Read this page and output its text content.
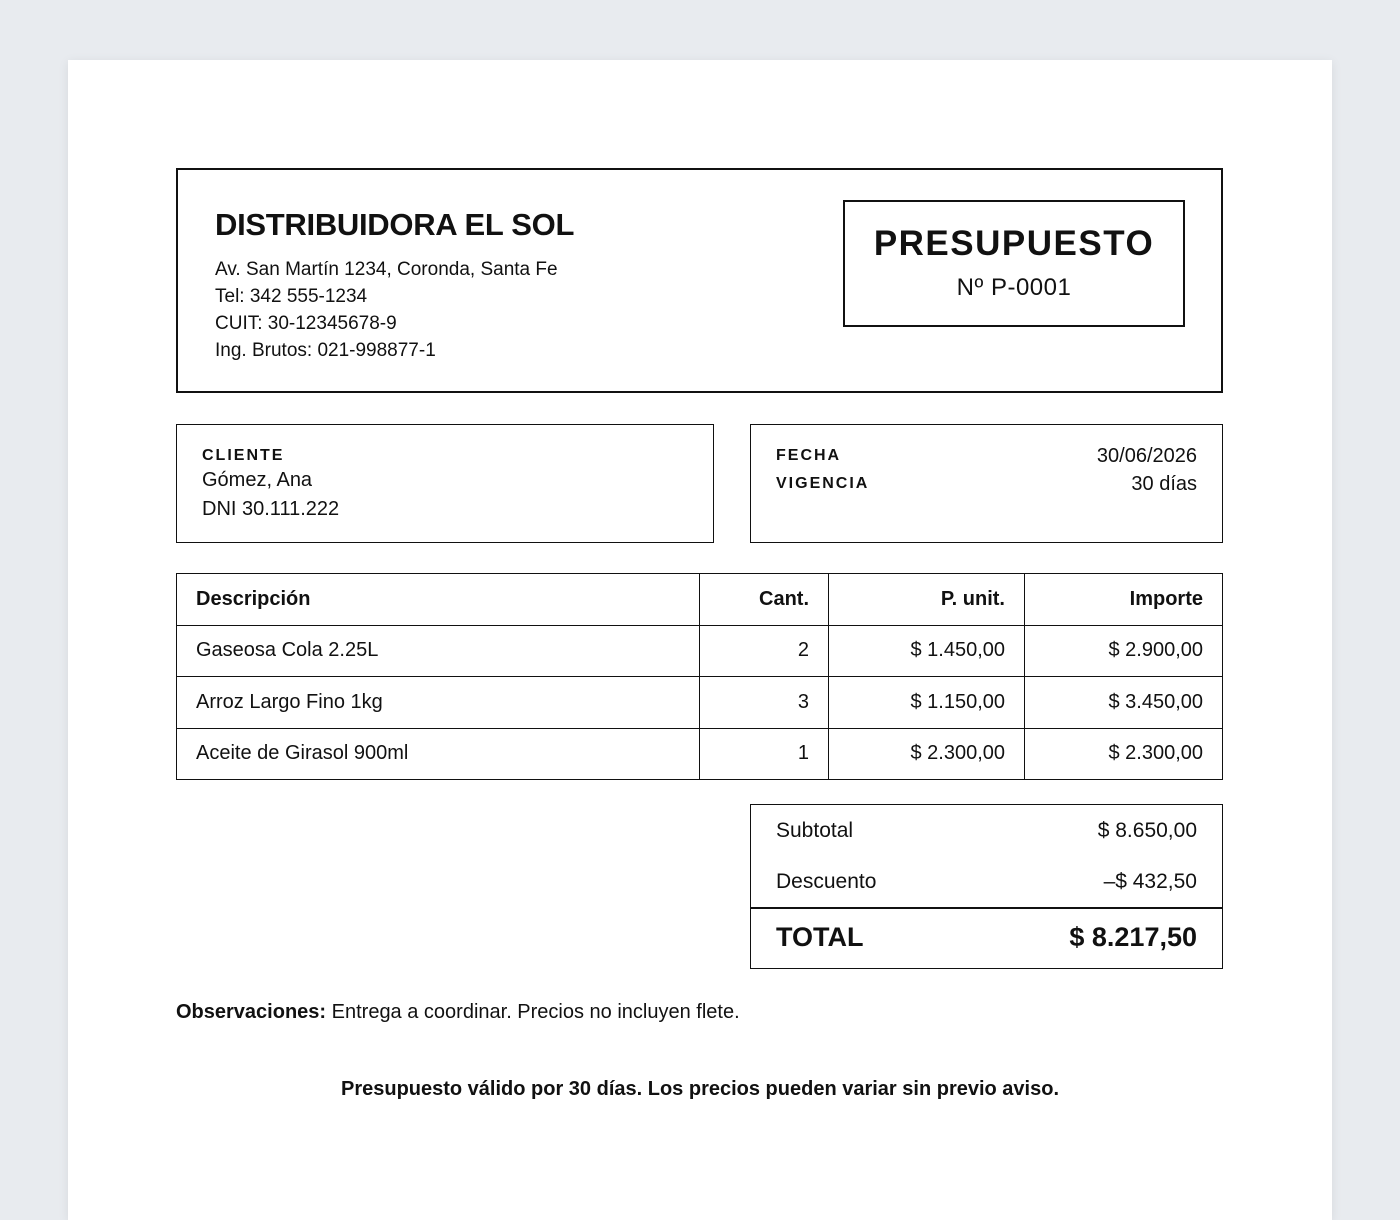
DISTRIBUIDORA EL SOL
Av. San Martín 1234, Coronda, Santa Fe
Tel: 342 555-1234
CUIT: 30-12345678-9
Ing. Brutos: 021-998877-1
PRESUPUESTO
Nº P-0001
CLIENTE
Gómez, Ana
DNI 30.111.222
FECHA	30/06/2026
VIGENCIA	30 días
Descripción	Cant.	P. unit.	Importe
Gaseosa Cola 2.25L	2	$ 1.450,00	$ 2.900,00
Arroz Largo Fino 1kg	3	$ 1.150,00	$ 3.450,00
Aceite de Girasol 900ml	1	$ 2.300,00	$ 2.300,00
Subtotal	$ 8.650,00
Descuento	–$ 432,50
TOTAL	$ 8.217,50
Observaciones: Entrega a coordinar. Precios no incluyen flete.
Presupuesto válido por 30 días. Los precios pueden variar sin previo aviso.
